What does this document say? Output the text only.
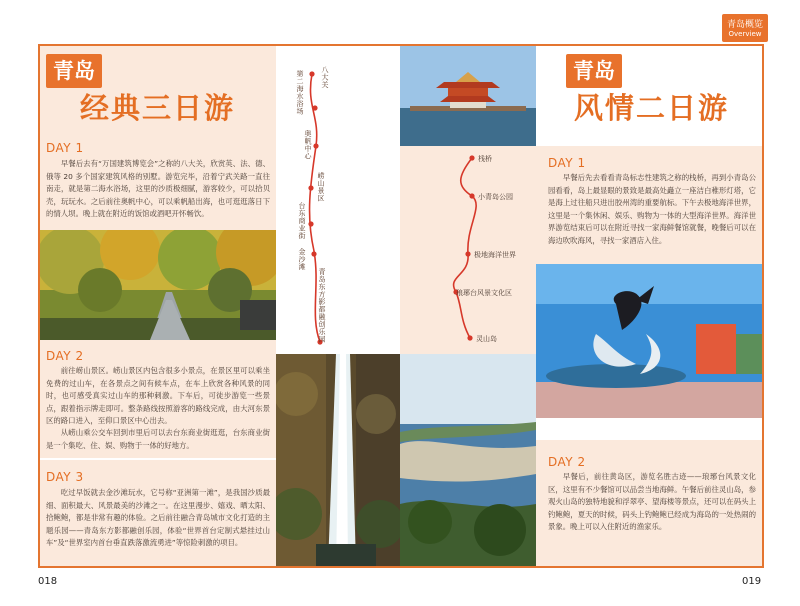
青岛概览
Overview
青岛
经典三日游
DAY 1
早餐后去有“万国建筑博览会”之称的八大关，欣赏英、法、德、俄等 20 多个国家建筑风格的别墅。游览完毕，沿着宁武关路一直往南走，就是第二海水浴场，这里的沙质极细腻，游客较少，可以拾贝壳，玩玩水。之后前往奥帆中心，可以乘帆船出海，也可逛逛落日下的情人坝。晚上就在附近的饭馆或酒吧开怀畅饮。
DAY 2
前往崂山景区。崂山景区内包含很多小景点，在景区里可以乘坐免费的过山车，在各景点之间有候车点，在车上欣赏各种风景的同时，也可感受真实过山车的那种刺激。下车后，可徒步游览一些景点，跟着指示牌走即可。整条路线按照游客的路线完成，由大河东景区的路口进入，至仰口景区中心出去。
从崂山乘公交车回到市里后可以去台东商业街逛逛，台东商业街是一个集吃、住、娱、购物于一体的好地方。
DAY 3
吃过早饭就去金沙滩玩水，它号称“亚洲第一滩”，是我国沙质最细、面积最大、风景最美的沙滩之一。在这里漫步、嬉戏、晒太阳、拾鲍鲍，都是非常有趣的体验。之后前往融合青岛城市文化打造的主题乐园——青岛东方影都融创乐园，体验“世界首台定制式悬挂过山车”及“世界室内首台垂直跌落激流勇进”等惊险刺激的项目。
八大关
第二海水浴场
奥帆中心
崂山景区
台东商业街
金沙滩
青岛东方影都融创乐园
栈桥
小青岛公园
极地海洋世界
琅琊台风景文化区
灵山岛
青岛
风情二日游
DAY 1
早餐后先去看看青岛标志性建筑之称的栈桥，再到小青岛公园看看，岛上最显眼的景致是最高处矗立一座洁白稚形灯塔，它是海上过往船只进出胶州湾的重要航标。下午去极地海洋世界，这里是一个集休闲、娱乐、购物为一体的大型海洋世界。海洋世界游览结束后可以在附近寻找一家海鲜餐馆就餐，晚餐后可以在海边吹吹海风，寻找一家酒店入住。
DAY 2
早餐后，前往黄岛区，游览名胜古迹——琅琊台风景文化区，这里有不少餐馆可以品尝当地海鲜。午餐后前往灵山岛，参观火山岛的独特地貌和浮翠亭、望海楼等景点，还可以在码头上钓鲍鲍，夏天的时候，码头上钓鲍鲍已经成为海岛的一处热闹的景象。晚上可以入住附近的渔家乐。
018	019
